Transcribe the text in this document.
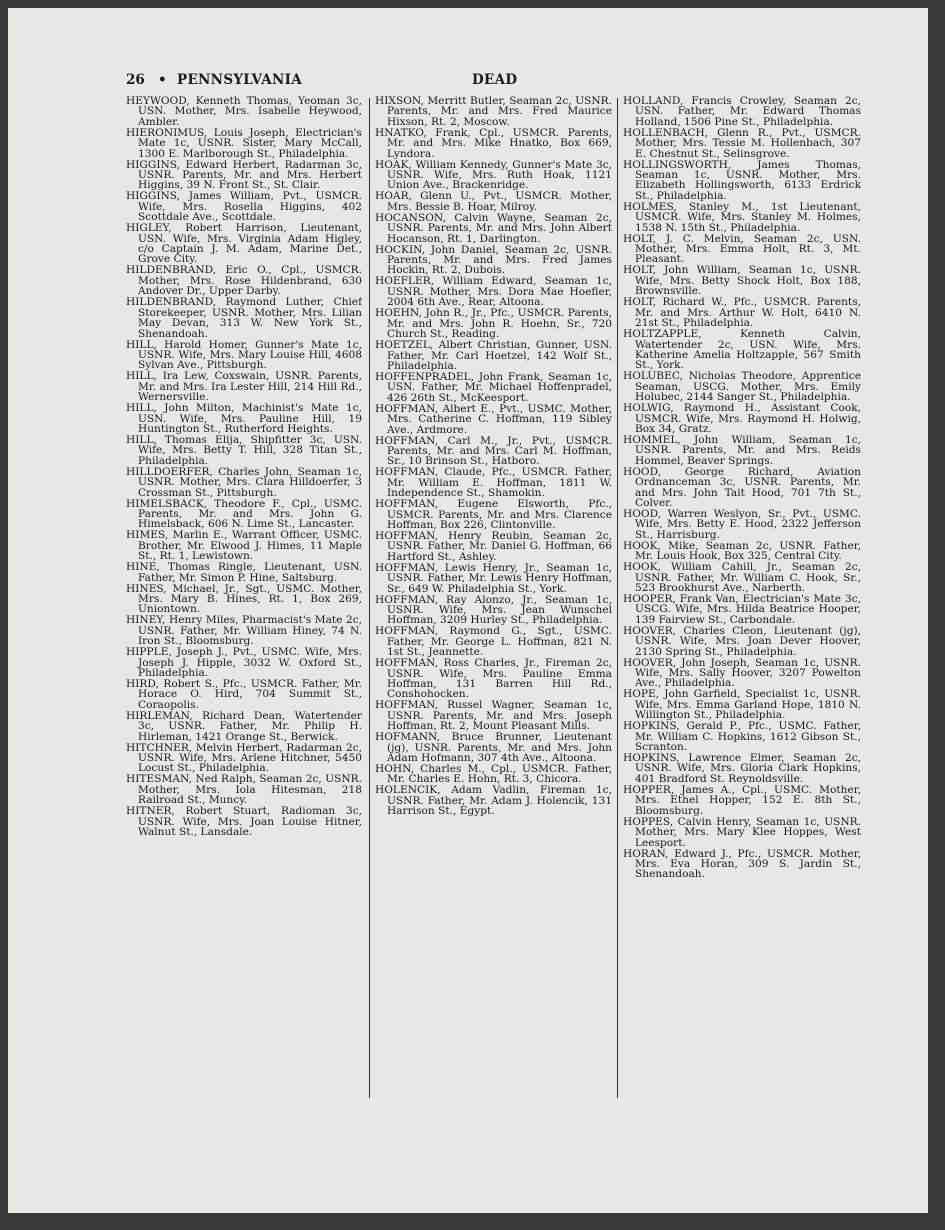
26 • PENNSYLVANIA	DEAD

HEYWOOD, Kenneth Thomas, Yeoman 3c, USN. Mother, Mrs. Isabelle Heywood, Ambler.

HIERONIMUS, Louis Joseph, Electrician's Mate 1c, USNR. Sister, Mary McCall, 1300 E. Marlborough St., Philadelphia.

HIGGINS, Edward Herbert, Radarman 3c, USNR. Parents, Mr. and Mrs. Herbert Higgins, 39 N. Front St., St. Clair.

HIGGINS, James William, Pvt., USMCR. Wife, Mrs. Rosella Higgins, 402 Scottdale Ave., Scottdale.

HIGLEY, Robert Harrison, Lieutenant, USN. Wife, Mrs. Virginia Adam Higley, c/o Captain J. M. Adam, Marine Det., Grove City.

HILDENBRAND, Eric O., Cpl., USMCR. Mother, Mrs. Rose Hildenbrand, 630 Andover Dr., Upper Darby.

HILDENBRAND, Raymond Luther, Chief Storekeeper, USNR. Mother, Mrs. Lilian May Devan, 313 W. New York St., Shenandoah.

HILL, Harold Homer, Gunner's Mate 1c, USNR. Wife, Mrs. Mary Louise Hill, 4608 Sylvan Ave., Pittsburgh.

HILL, Ira Lew, Coxswain, USNR. Parents, Mr. and Mrs. Ira Lester Hill, 214 Hill Rd., Wernersville.

HILL, John Milton, Machinist's Mate 1c, USN. Wife, Mrs. Pauline Hill, 19 Huntington St., Rutherford Heights.

HILL, Thomas Elija, Shipfitter 3c, USN. Wife, Mrs. Betty T. Hill, 328 Titan St., Philadelphia.

HILLDOERFER, Charles John, Seaman 1c, USNR. Mother, Mrs. Clara Hilldoerfer, 3 Crossman St., Pittsburgh.

HIMELSBACK, Theodore F., Cpl., USMC. Parents, Mr. and Mrs. John G. Himelsback, 606 N. Lime St., Lancaster.

HIMES, Marlin E., Warrant Officer, USMC. Brother, Mr. Elwood J. Himes, 11 Maple St., Rt. 1, Lewistown.

HINE, Thomas Ringle, Lieutenant, USN. Father, Mr. Simon P. Hine, Saltsburg.

HINES, Michael, Jr., Sgt., USMC. Mother, Mrs. Mary B. Hines, Rt. 1, Box 269, Uniontown.

HINEY, Henry Miles, Pharmacist's Mate 2c, USNR. Father, Mr. William Hiney, 74 N. Iron St., Bloomsburg.

HIPPLE, Joseph J., Pvt., USMC. Wife, Mrs. Joseph J. Hipple, 3032 W. Oxford St., Philadelphia.

HIRD, Robert S., Pfc., USMCR. Father, Mr. Horace O. Hird, 704 Summit St., Coraopolis.

HIRLEMAN, Richard Dean, Watertender 3c, USNR. Father, Mr. Philip H. Hirleman, 1421 Orange St., Berwick.

HITCHNER, Melvin Herbert, Radarman 2c, USNR. Wife, Mrs. Arlene Hitchner, 5450 Locust St., Philadelphia.

HITESMAN, Ned Ralph, Seaman 2c, USNR. Mother, Mrs. Iola Hitesman, 218 Railroad St., Muncy.

HITNER, Robert Stuart, Radioman 3c, USNR. Wife, Mrs. Joan Louise Hitner, Walnut St., Lansdale.

HIXSON, Merritt Butler, Seaman 2c, USNR. Parents, Mr. and Mrs. Fred Maurice Hixson, Rt. 2, Moscow.

HNATKO, Frank, Cpl., USMCR. Parents, Mr. and Mrs. Mike Hnatko, Box 669, Lyndora.

HOAK, William Kennedy, Gunner's Mate 3c, USNR. Wife, Mrs. Ruth Hoak, 1121 Union Ave., Brackenridge.

HOAR, Glenn U., Pvt., USMCR. Mother, Mrs. Bessie B. Hoar, Milroy.

HOCANSON, Calvin Wayne, Seaman 2c, USNR. Parents, Mr. and Mrs. John Albert Hocanson, Rt. 1, Darlington.

HOCKIN, John Daniel, Seaman 2c, USNR. Parents, Mr. and Mrs. Fred James Hockin, Rt. 2, Dubois.

HOEFLER, William Edward, Seaman 1c, USNR. Mother, Mrs. Dora Mae Hoefler, 2004 6th Ave., Rear, Altoona.

HOEHN, John R., Jr., Pfc., USMCR. Parents, Mr. and Mrs. John R. Hoehn, Sr., 720 Church St., Reading.

HOETZEL, Albert Christian, Gunner, USN. Father, Mr. Carl Hoetzel, 142 Wolf St., Philadelphia.

HOFFENPRADEL, John Frank, Seaman 1c, USN. Father, Mr. Michael Hoffenpradel, 426 26th St., McKeesport.

HOFFMAN, Albert E., Pvt., USMC. Mother, Mrs. Catherine C. Hoffman, 119 Sibley Ave., Ardmore.

HOFFMAN, Carl M., Jr., Pvt., USMCR. Parents, Mr. and Mrs. Carl M. Hoffman, Sr., 10 Brinson St., Hatboro.

HOFFMAN, Claude, Pfc., USMCR. Father, Mr. William E. Hoffman, 1811 W. Independence St., Shamokin.

HOFFMAN, Eugene Elsworth, Pfc., USMCR. Parents, Mr. and Mrs. Clarence Hoffman, Box 226, Clintonville.

HOFFMAN, Henry Reubin, Seaman 2c, USNR. Father, Mr. Daniel G. Hoffman, 66 Hartford St., Ashley.

HOFFMAN, Lewis Henry, Jr., Seaman 1c, USNR. Father, Mr. Lewis Henry Hoffman, Sr., 649 W. Philadelphia St., York.

HOFFMAN, Ray Alonzo, Jr., Seaman 1c, USNR. Wife, Mrs. Jean Wunschel Hoffman, 3209 Hurley St., Philadelphia.

HOFFMAN, Raymond G., Sgt., USMC. Father, Mr. George L. Hoffman, 821 N. 1st St., Jeannette.

HOFFMAN, Ross Charles, Jr., Fireman 2c, USNR. Wife, Mrs. Pauline Emma Hoffman, 131 Barren Hill Rd., Conshohocken.

HOFFMAN, Russel Wagner, Seaman 1c, USNR. Parents, Mr. and Mrs. Joseph Hoffman, Rt. 2, Mount Pleasant Mills.

HOFMANN, Bruce Brunner, Lieutenant (jg), USNR. Parents, Mr. and Mrs. John Adam Hofmann, 307 4th Ave., Altoona.

HOHN, Charles M., Cpl., USMCR. Father, Mr. Charles E. Hohn, Rt. 3, Chicora.

HOLENCIK, Adam Vadlin, Fireman 1c, USNR. Father, Mr. Adam J. Holencik, 131 Harrison St., Egypt.

HOLLAND, Francis Crowley, Seaman 2c, USN. Father, Mr. Edward Thomas Holland, 1506 Pine St., Philadelphia.

HOLLENBACH, Glenn R., Pvt., USMCR. Mother, Mrs. Tessie M. Hollenbach, 307 E. Chestnut St., Selinsgrove.

HOLLINGSWORTH, James Thomas, Seaman 1c, USNR. Mother, Mrs. Elizabeth Hollingsworth, 6133 Erdrick St., Philadelphia.

HOLMES, Stanley M., 1st Lieutenant, USMCR. Wife, Mrs. Stanley M. Holmes, 1538 N. 15th St., Philadelphia.

HOLT, J. C. Melvin, Seaman 2c, USN. Mother, Mrs. Emma Holt, Rt. 3, Mt. Pleasant.

HOLT, John William, Seaman 1c, USNR. Wife, Mrs. Betty Shock Holt, Box 188, Brownsville.

HOLT, Richard W., Pfc., USMCR. Parents, Mr. and Mrs. Arthur W. Holt, 6410 N. 21st St., Philadelphia.

HOLTZAPPLE, Kenneth Calvin, Watertender 2c, USN. Wife, Mrs. Katherine Amelia Holtzapple, 567 Smith St., York.

HOLUBEC, Nicholas Theodore, Apprentice Seaman, USCG. Mother, Mrs. Emily Holubec, 2144 Sanger St., Philadelphia.

HOLWIG, Raymond H., Assistant Cook, USMCR. Wife, Mrs. Raymond H. Holwig, Box 34, Gratz.

HOMMEL, John William, Seaman 1c, USNR. Parents, Mr. and Mrs. Reids Hommel, Beaver Springs.

HOOD, George Richard, Aviation Ordnanceman 3c, USNR. Parents, Mr. and Mrs. John Tait Hood, 701 7th St., Colver.

HOOD, Warren Weslyon, Sr., Pvt., USMC. Wife, Mrs. Betty E. Hood, 2322 Jefferson St., Harrisburg.

HOOK, Mike, Seaman 2c, USNR. Father, Mr. Louis Hook, Box 325, Central City.

HOOK, William Cahill, Jr., Seaman 2c, USNR. Father, Mr. William C. Hook, Sr., 523 Brookhurst Ave., Narberth.

HOOPER, Frank Van, Electrician's Mate 3c, USCG. Wife, Mrs. Hilda Beatrice Hooper, 139 Fairview St., Carbondale.

HOOVER, Charles Cleon, Lieutenant (jg), USNR. Wife, Mrs. Joan Dever Hoover, 2130 Spring St., Philadelphia.

HOOVER, John Joseph, Seaman 1c, USNR. Wife, Mrs. Sally Hoover, 3207 Powelton Ave., Philadelphia.

HOPE, John Garfield, Specialist 1c, USNR. Wife, Mrs. Emma Garland Hope, 1810 N. Willington St., Philadelphia.

HOPKINS, Gerald P., Pfc., USMC. Father, Mr. William C. Hopkins, 1612 Gibson St., Scranton.

HOPKINS, Lawrence Elmer, Seaman 2c, USNR. Wife, Mrs. Gloria Clark Hopkins, 401 Bradford St. Reynoldsville.

HOPPER, James A., Cpl., USMC. Mother, Mrs. Ethel Hopper, 152 E. 8th St., Bloomsburg.

HOPPES, Calvin Henry, Seaman 1c, USNR. Mother, Mrs. Mary Klee Hoppes, West Leesport.

HORAN, Edward J., Pfc., USMCR. Mother, Mrs. Eva Horan, 309 S. Jardin St., Shenandoah.
